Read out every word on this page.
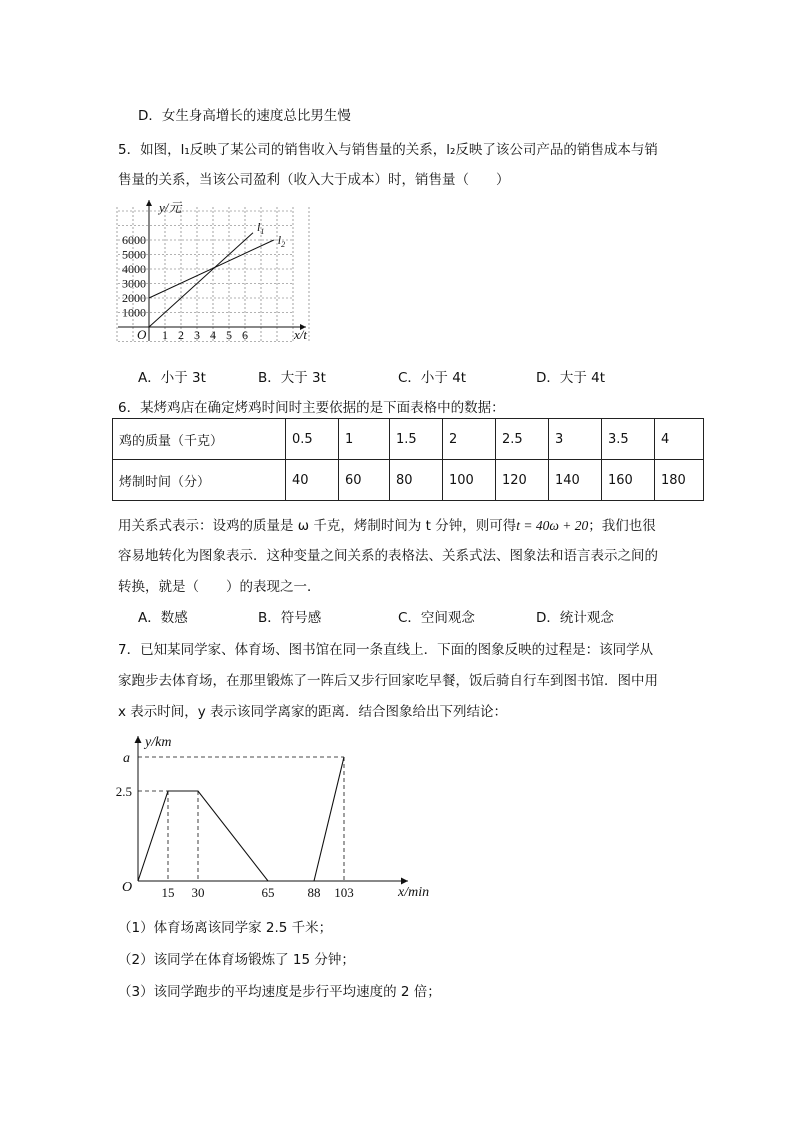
D．女生身高增长的速度总比男生慢
5．如图，l₁反映了某公司的销售收入与销售量的关系，l₂反映了该公司产品的销售成本与销
售量的关系，当该公司盈利（收入大于成本）时，销售量（　　）
$l_1$
$l_2$
1 2 3 4 5 6
1000
2000
3000
4000
5000
6000
O
y/元
x/t
A．小于 3t	B．大于 3t	C．小于 4t	D．大于 4t
6．某烤鸡店在确定烤鸡时间时主要依据的是下面表格中的数据：
鸡的质量（千克）	0.5	1	1.5	2	2.5	3	3.5	4
烤制时间（分）	40	60	80	100	120	140	160	180
用关系式表示：设鸡的质量是 ω 千克，烤制时间为 t 分钟，则可得t = 40ω + 20；我们也很
容易地转化为图象表示．这种变量之间关系的表格法、关系式法、图象法和语言表示之间的
转换，就是（　　）的表现之一．
A．数感	B．符号感	C．空间观念	D．统计观念
7．已知某同学家、体育场、图书馆在同一条直线上．下面的图象反映的过程是：该同学从
家跑步去体育场，在那里锻炼了一阵后又步行回家吃早餐，饭后骑自行车到图书馆．图中用
x 表示时间，y 表示该同学离家的距离．结合图象给出下列结论：
15 30	65	88 103
2.5
a
O
y/km
x/min
（1）体育场离该同学家 2.5 千米；
（2）该同学在体育场锻炼了 15 分钟；
（3）该同学跑步的平均速度是步行平均速度的 2 倍；
